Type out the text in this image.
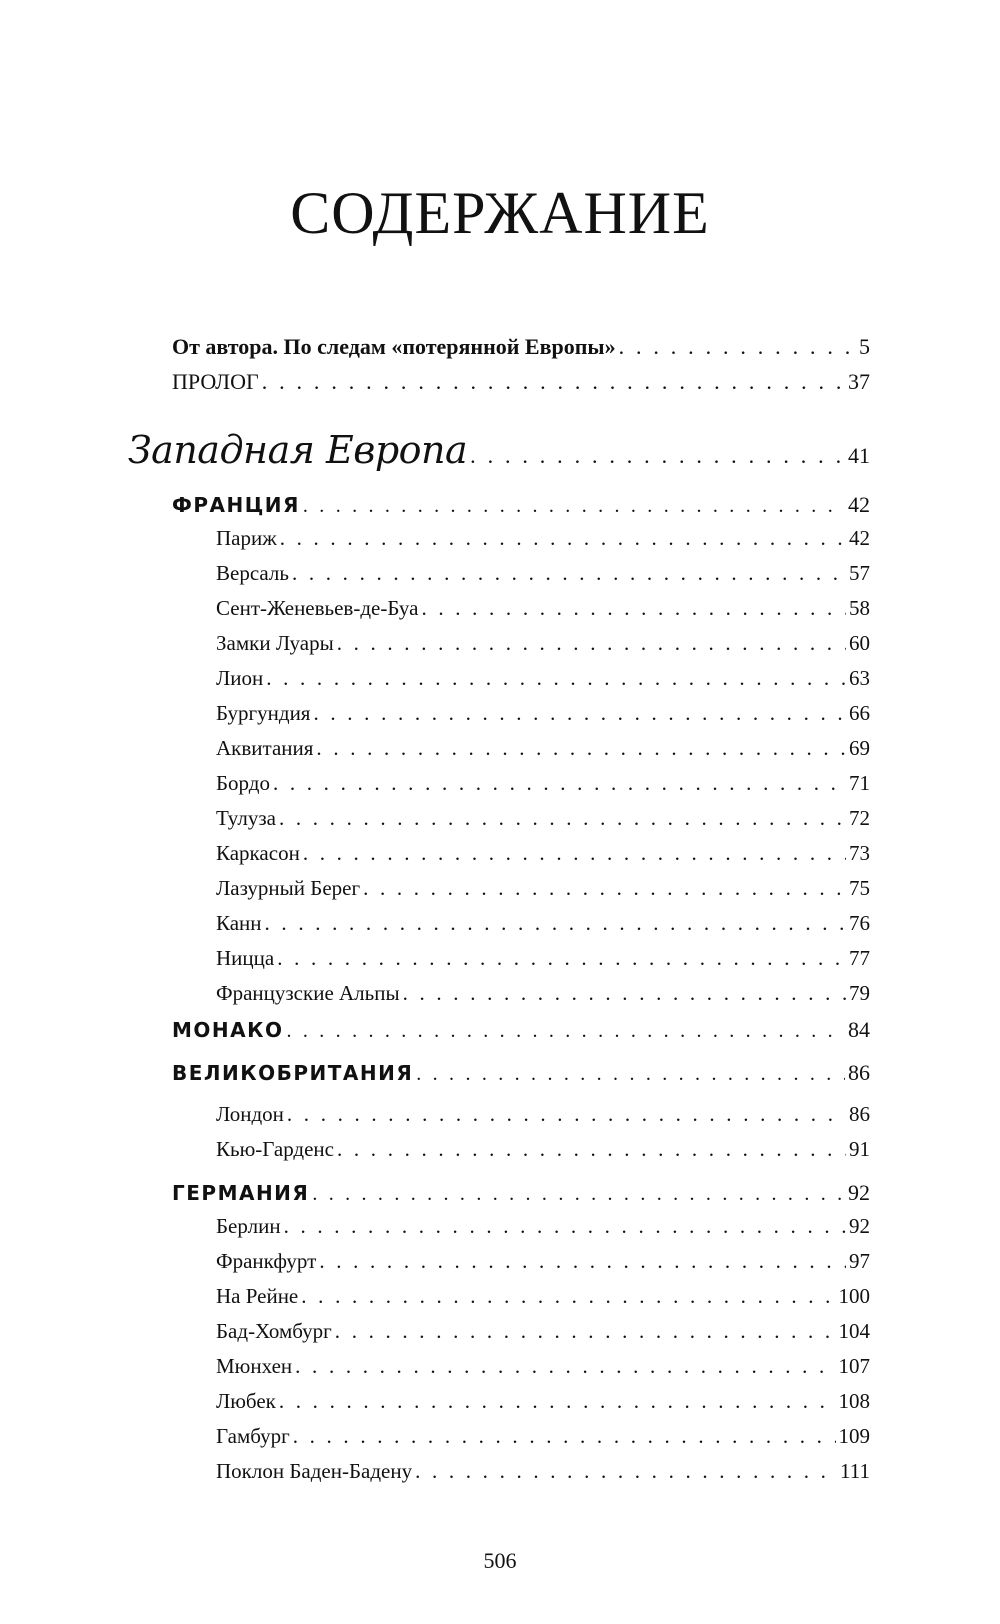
СОДЕРЖАНИЕ
От автора. По следам «потерянной Европы» . . .	5
ПРОЛОГ . . .	37
Западная Европа . . .	41
ФРАНЦИЯ . . .	42
Париж . . .	42
Версаль . . .	57
Сент-Женевьев-де-Буа . . .	58
Замки Луары . . .	60
Лион . . .	63
Бургундия . . .	66
Аквитания . . .	69
Бордо . . .	71
Тулуза . . .	72
Каркасон . . .	73
Лазурный Берег . . .	75
Канн . . .	76
Ницца . . .	77
Французские Альпы . . .	79
МОНАКО . . .	84
ВЕЛИКОБРИТАНИЯ . . .	86
Лондон . . .	86
Кью-Гарденс . . .	91
ГЕРМАНИЯ . . .	92
Берлин . . .	92
Франкфурт . . .	97
На Рейне . . .	100
Бад-Хомбург . . .	104
Мюнхен . . .	107
Любек . . .	108
Гамбург . . .	109
Поклон Баден-Бадену . . .	111
506
